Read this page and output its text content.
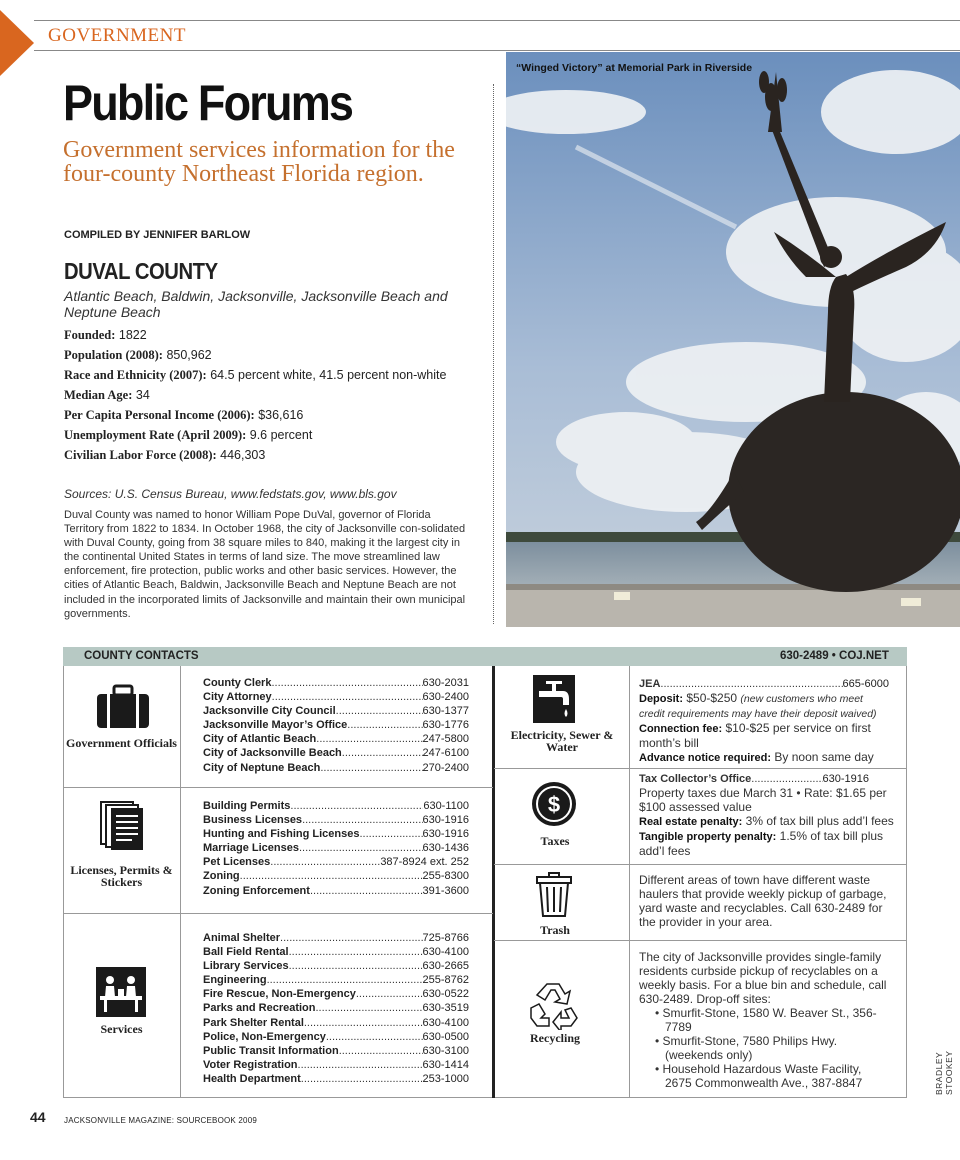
GOVERNMENT
Public Forums
Government services information for the four-county Northeast Florida region.
COMPILED BY JENNIFER BARLOW
DUVAL COUNTY
Atlantic Beach, Baldwin, Jacksonville, Jacksonville Beach and Neptune Beach
Founded: 1822
Population (2008): 850,962
Race and Ethnicity (2007): 64.5 percent white, 41.5 percent non-white
Median Age: 34
Per Capita Personal Income (2006): $36,616
Unemployment Rate (April 2009): 9.6 percent
Civilian Labor Force (2008): 446,303
Sources: U.S. Census Bureau, www.fedstats.gov, www.bls.gov
Duval County was named to honor William Pope DuVal, governor of Florida Territory from 1822 to 1834. In October 1968, the city of Jacksonville con-solidated with Duval County, going from 38 square miles to 840, making it the largest city in the continental United States in terms of land size. The move streamlined law enforcement, fire protection, public works and other basic services. However, the cities of Atlantic Beach, Baldwin, Jacksonville Beach and Neptune Beach are not included in the incorporated limits of Jacksonville and maintain their own municipal governments.
“Winged Victory” at Memorial Park in Riverside
BRADLEY STOOKEY
COUNTY CONTACTS	630-2489 • COJ.NET
Government Officials
County Clerk .....	630-2031
City Attorney .....	630-2400
Jacksonville City Council .....	630-1377
Jacksonville Mayor’s Office .....	630-1776
City of Atlantic Beach .....	247-5800
City of Jacksonville Beach .....	247-6100
City of Neptune Beach .....	270-2400
Licenses, Permits & Stickers
Building Permits .....	630-1100
Business Licenses .....	630-1916
Hunting and Fishing Licenses .....	630-1916
Marriage Licenses .....	630-1436
Pet Licenses .....	387-8924 ext. 252
Zoning .....	255-8300
Zoning Enforcement .....	391-3600
Services
Animal Shelter .....	725-8766
Ball Field Rental .....	630-4100
Library Services .....	630-2665
Engineering .....	255-8762
Fire Rescue, Non-Emergency .....	630-0522
Parks and Recreation .....	630-3519
Park Shelter Rental .....	630-4100
Police, Non-Emergency .....	630-0500
Public Transit Information .....	630-3100
Voter Registration .....	630-1414
Health Department .....	253-1000
Electricity, Sewer & Water
JEA .....	665-6000
Deposit: $50-$250 (new customers who meet credit requirements may have their deposit waived)
Connection fee: $10-$25 per service on first month’s bill
Advance notice required: By noon same day
$
Taxes
Tax Collector’s Office .....	630-1916
Property taxes due March 31 • Rate: $1.65 per $100 assessed value
Real estate penalty: 3% of tax bill plus add’l fees
Tangible property penalty: 1.5% of tax bill plus add’l fees
Trash
Different areas of town have different waste haulers that provide weekly pickup of garbage, yard waste and recyclables. Call 630-2489 for the provider in your area.
Recycling
The city of Jacksonville provides single-family residents curbside pickup of recyclables on a weekly basis. For a blue bin and schedule, call 630-2489. Drop-off sites:
• Smurfit-Stone, 1580 W. Beaver St., 356-7789
• Smurfit-Stone, 7580 Philips Hwy. (weekends only)
• Household Hazardous Waste Facility, 2675 Commonwealth Ave., 387-8847
44 JACKSONVILLE MAGAZINE: SOURCEBOOK 2009
